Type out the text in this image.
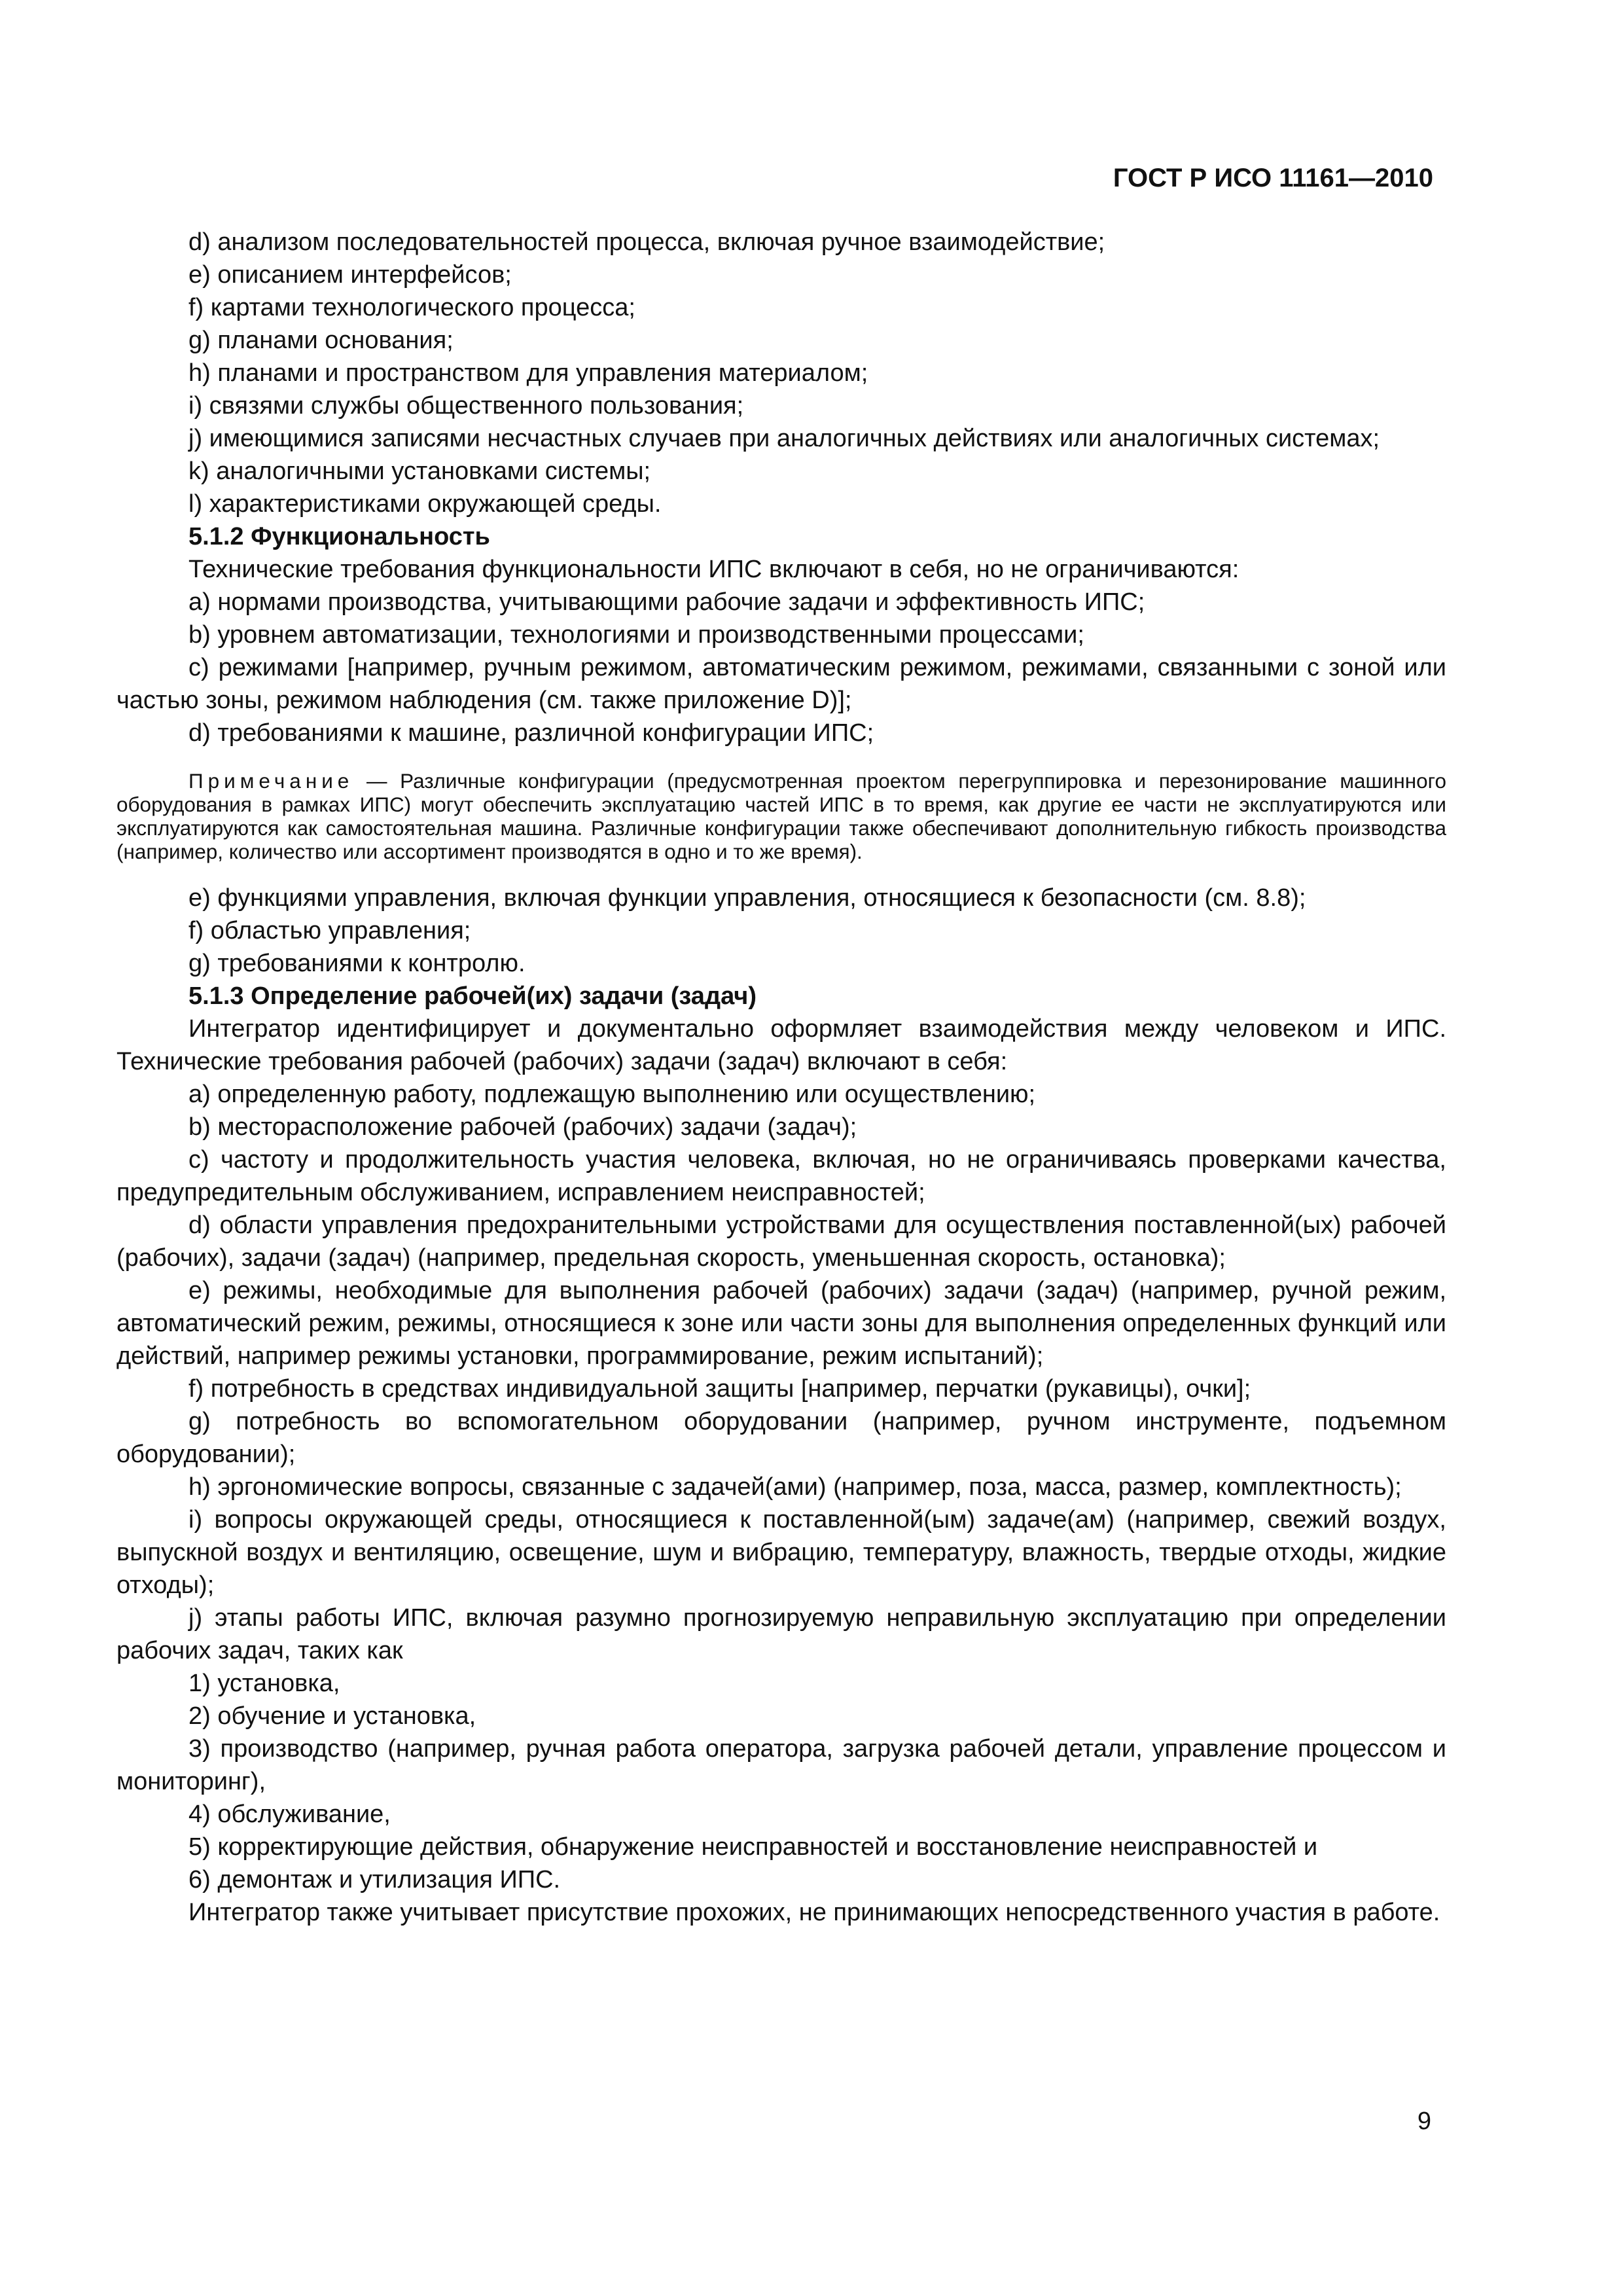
ГОСТ Р ИСО 11161—2010

d) анализом последовательностей процесса, включая ручное взаимодействие;

e) описанием интерфейсов;

f) картами технологического процесса;

g) планами основания;

h) планами и пространством для управления материалом;

i) связями службы общественного пользования;

j) имеющимися записями несчастных случаев при аналогичных действиях или аналогичных системах;

k) аналогичными установками системы;

l) характеристиками окружающей среды.

5.1.2 Функциональность

Технические требования функциональности ИПС включают в себя, но не ограничиваются:

a) нормами производства, учитывающими рабочие задачи и эффективность ИПС;

b) уровнем автоматизации, технологиями и производственными процессами;

c) режимами [например, ручным режимом, автоматическим режимом, режимами, связанными с зоной или частью зоны, режимом наблюдения (см. также приложение D)];

d) требованиями к машине, различной конфигурации ИПС;

Примечание — Различные конфигурации (предусмотренная проектом перегруппировка и перезонирование машинного оборудования в рамках ИПС) могут обеспечить эксплуатацию частей ИПС в то время, как другие ее части не эксплуатируются или эксплуатируются как самостоятельная машина. Различные конфигурации также обеспечивают дополнительную гибкость производства (например, количество или ассортимент производятся в одно и то же время).

e) функциями управления, включая функции управления, относящиеся к безопасности (см. 8.8);

f) областью управления;

g) требованиями к контролю.

5.1.3 Определение рабочей(их) задачи (задач)

Интегратор идентифицирует и документально оформляет взаимодействия между человеком и ИПС. Технические требования рабочей (рабочих) задачи (задач) включают в себя:

a) определенную работу, подлежащую выполнению или осуществлению;

b) месторасположение рабочей (рабочих) задачи (задач);

c) частоту и продолжительность участия человека, включая, но не ограничиваясь проверками качества, предупредительным обслуживанием, исправлением неисправностей;

d) области управления предохранительными устройствами для осуществления поставленной(ых) рабочей (рабочих), задачи (задач) (например, предельная скорость, уменьшенная скорость, остановка);

e) режимы, необходимые для выполнения рабочей (рабочих) задачи (задач) (например, ручной режим, автоматический режим, режимы, относящиеся к зоне или части зоны для выполнения определенных функций или действий, например режимы установки, программирование, режим испытаний);

f) потребность в средствах индивидуальной защиты [например, перчатки (рукавицы), очки];

g) потребность во вспомогательном оборудовании (например, ручном инструменте, подъемном оборудовании);

h) эргономические вопросы, связанные с задачей(ами) (например, поза, масса, размер, комплектность);

i) вопросы окружающей среды, относящиеся к поставленной(ым) задаче(ам) (например, свежий воздух, выпускной воздух и вентиляцию, освещение, шум и вибрацию, температуру, влажность, твердые отходы, жидкие отходы);

j) этапы работы ИПС, включая разумно прогнозируемую неправильную эксплуатацию при определении рабочих задач, таких как

1) установка,

2) обучение и установка,

3) производство (например, ручная работа оператора, загрузка рабочей детали, управление процессом и мониторинг),

4) обслуживание,

5) корректирующие действия, обнаружение неисправностей и восстановление неисправностей и

6) демонтаж и утилизация ИПС.

Интегратор также учитывает присутствие прохожих, не принимающих непосредственного участия в работе.

9
